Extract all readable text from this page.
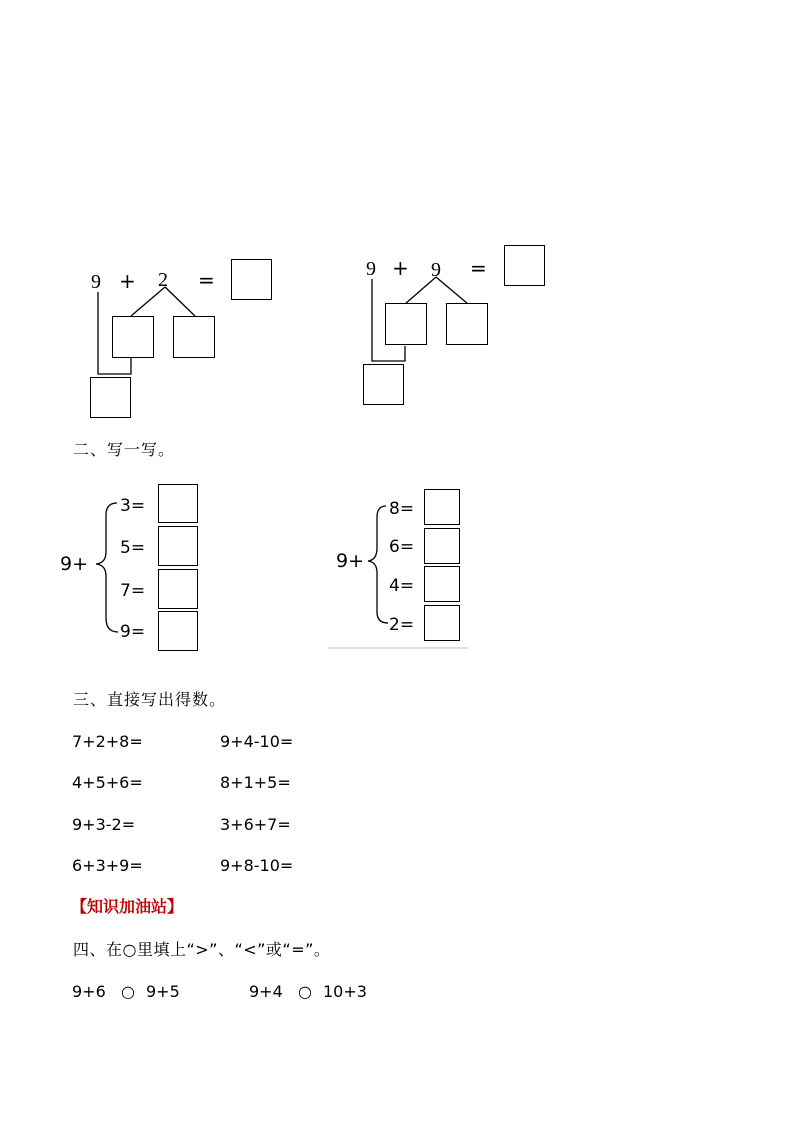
9 + 2 =	9 + 9 =
二、写一写。
9+
3=
5=
7=
9=
9+
8=
6=
4=
2=
三、直接写出得数。
7+2+8=	9+4-10=
4+5+6=	8+1+5=
9+3-2=	3+6+7=
6+3+9=	9+8-10=
【知识加油站】
四、在○里填上“>”、“<”或“=”。
9+6 ○ 9+5	9+4 ○ 10+3
